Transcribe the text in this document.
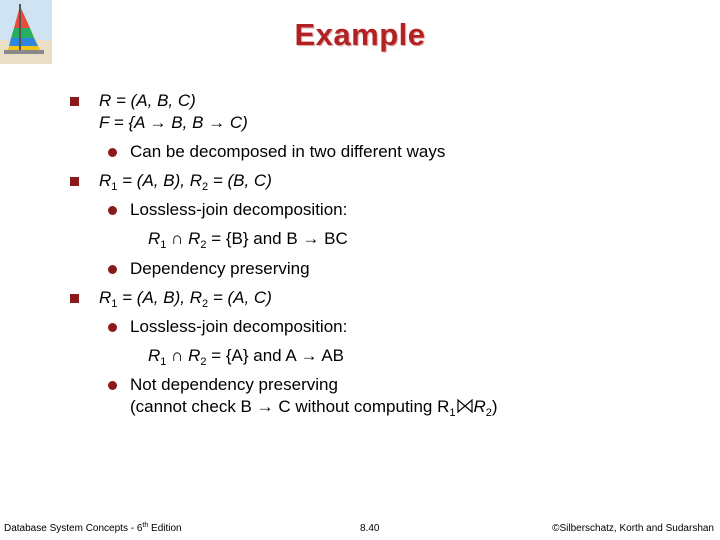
Example
R = (A, B, C)
F = {A → B, B → C)
Can be decomposed in two different ways
$R_1 = (A$, B), $R_2 = (B$, C)
Lossless-join decomposition:
$R_1$ ∩ $R_2 = \{B\}$ and B → BC
Dependency preserving
$R_1 = (A$, B), $R_2 = (A$, C)
Lossless-join decomposition:
$R_1$ ∩ $R_2 = \{A\}$ and A → AB
Not dependency preserving
(cannot check B → C without computing $R_1$ $R_2$)
Database System Concepts - 6th Edition	8.40	©Silberschatz, Korth and Sudarshan
